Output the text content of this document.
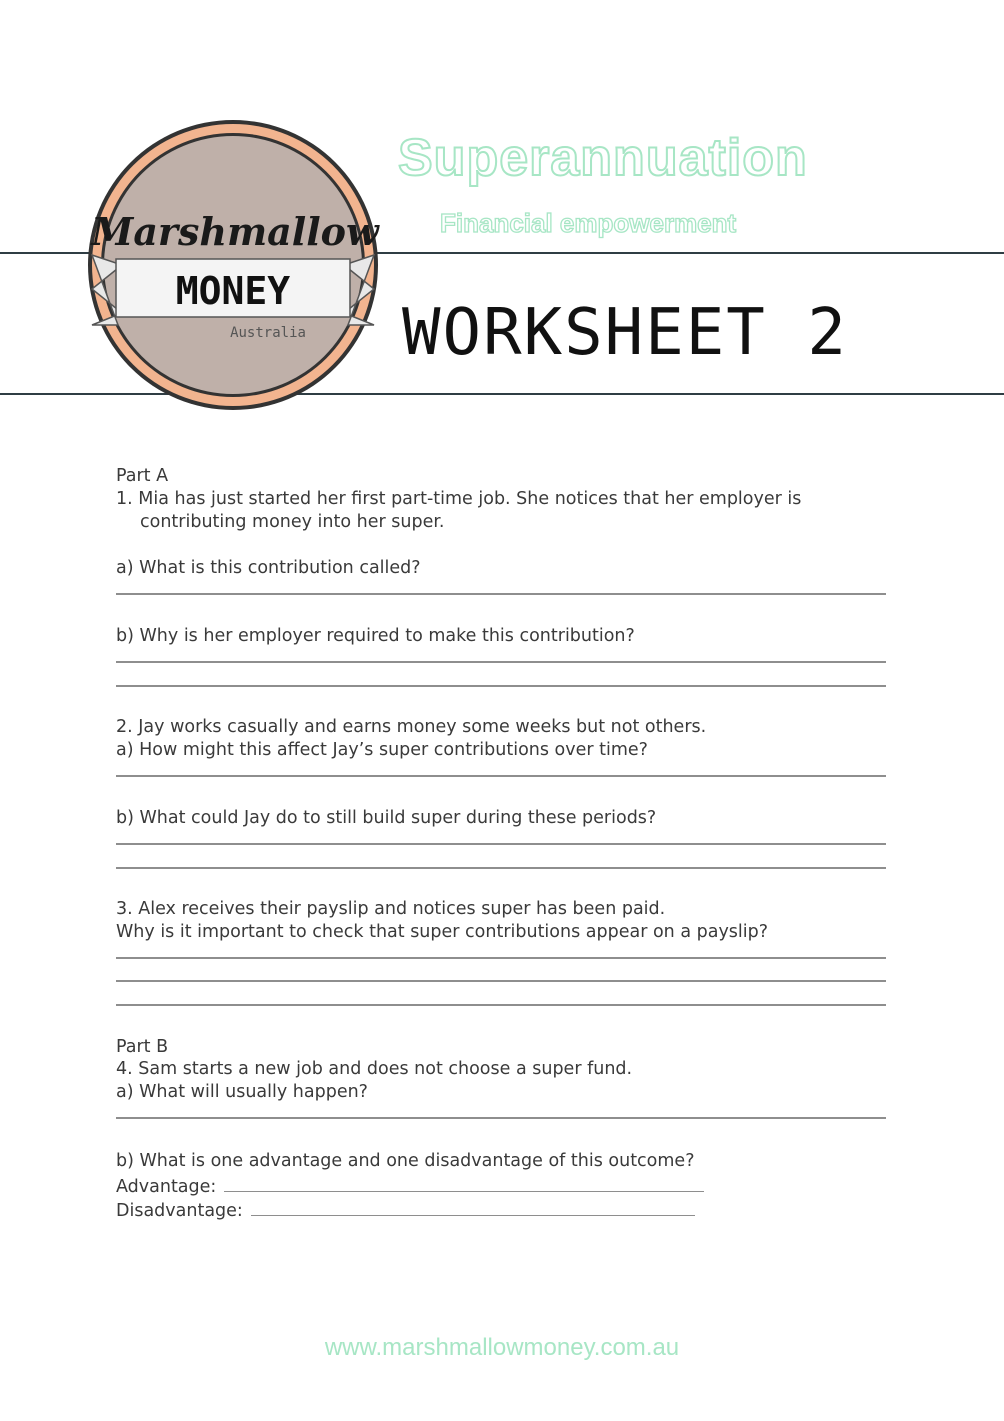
Marshmallow
MONEY
Australia
Superannuation
Financial empowerment
WORKSHEET 2
Part A
1. Mia has just started her first part-time job. She notices that her employer is
contributing money into her super.
a) What is this contribution called?
b) Why is her employer required to make this contribution?
2. Jay works casually and earns money some weeks but not others.
a) How might this affect Jay’s super contributions over time?
b) What could Jay do to still build super during these periods?
3. Alex receives their payslip and notices super has been paid.
Why is it important to check that super contributions appear on a payslip?
Part B
4. Sam starts a new job and does not choose a super fund.
a) What will usually happen?
b) What is one advantage and one disadvantage of this outcome?
Advantage:
Disadvantage:
www.marshmallowmoney.com.au
